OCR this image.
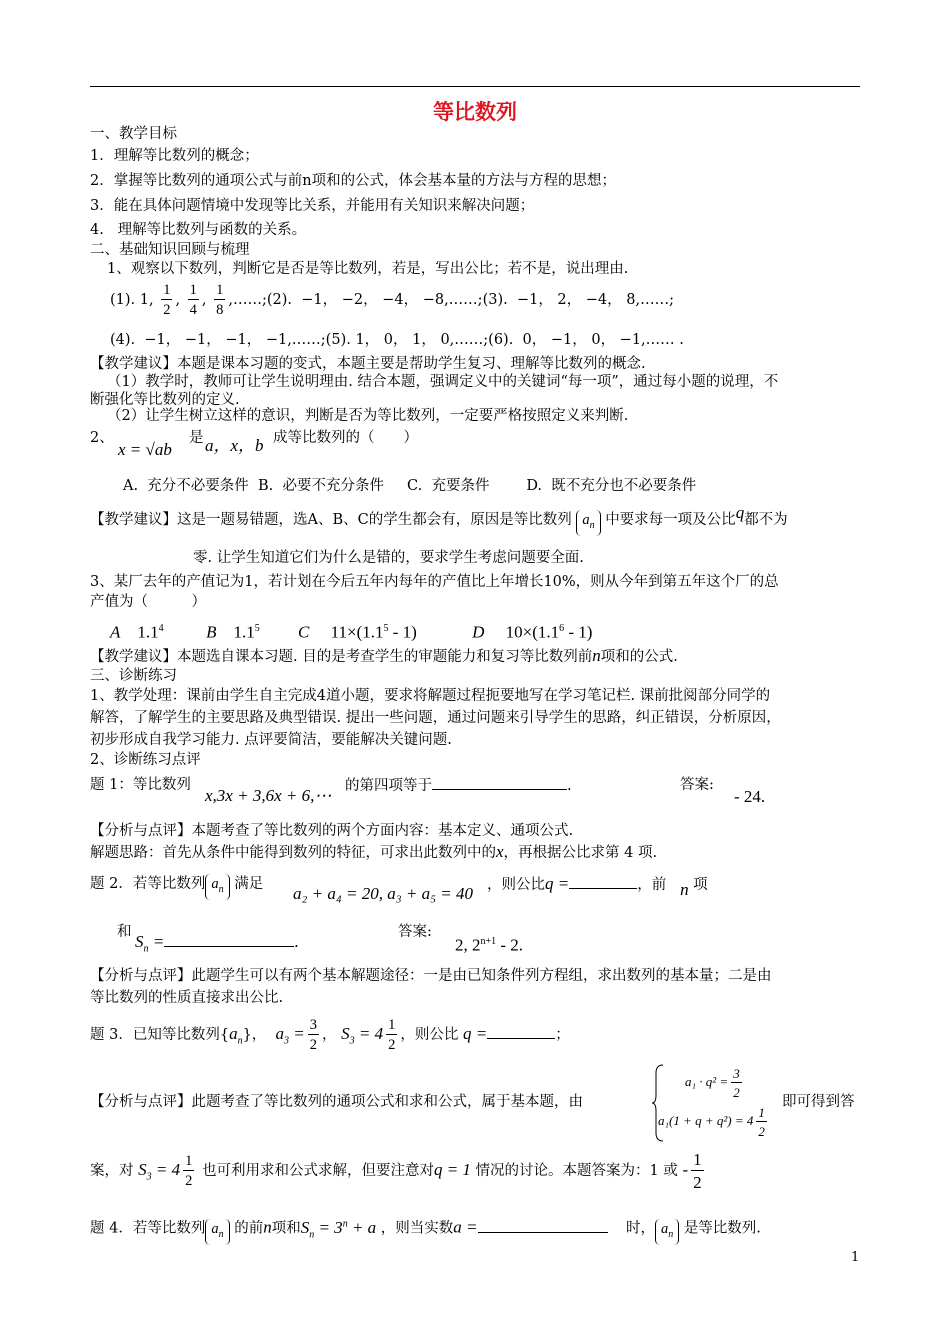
等比数列
一、教学目标
1．理解等比数列的概念；
2．掌握等比数列的通项公式与前n项和的公式，体会基本量的方法与方程的思想；
3．能在具体问题情境中发现等比关系，并能用有关知识来解决问题；
4.   理解等比数列与函数的关系。
二、基础知识回顾与梳理
1、观察以下数列，判断它是否是等比数列，若是，写出公比；若不是，说出理由.
(1). 1, $\frac{1}{2}$ , $\frac{1}{4}$ , $\frac{1}{8}$ ,……;(2).  −1， −2， −4， −8,……;(3).  −1， 2， −4， 8,……;
(4).  −1， −1， −1， −1,……;(5). 1， 0， 1， 0,……;(6).  0， −1， 0， −1,…… .
【教学建议】本题是课本习题的变式，本题主要是帮助学生复习、理解等比数列的概念.
（1）教学时，教师可让学生说明理由. 结合本题，强调定义中的关键词“每一项”，通过每小题的说理，不
断强化等比数列的定义.
（2）让学生树立这样的意识，判断是否为等比数列，一定要严格按照定义来判断.
2、
x = √ab
是 a，x，b 成等比数列的（　　）
A.  充分不必要条件  B.  必要不充分条件     C.  充要条件        D.  既不充分也不必要条件
【教学建议】这是一题易错题，选A、B、C的学生都会有，原因是等比数列 $a_n$ 中要求每一项及公比q都不为
零. 让学生知道它们为什么是错的，要求学生考虑问题要全面.
3、某厂去年的产值记为1，若计划在今后五年内每年的产值比上年增长10%，则从今年到第五年这个厂的总
产值为（　　　）
A $1.1^4$	B $1.1^5$ C $11\times(1.1^5 - 1)$	D $10\times(1.1^6 - 1)$
【教学建议】本题选自课本习题. 目的是考查学生的审题能力和复习等比数列前n项和的公式.
三、诊断练习
1、教学处理：课前由学生自主完成4道小题，要求将解题过程扼要地写在学习笔记栏. 课前批阅部分同学的
解答，了解学生的主要思路及典型错误. 提出一些问题，通过问题来引导学生的思路，纠正错误，分析原因，
初步形成自我学习能力. 点评要简洁，要能解决关键问题.
2、诊断练习点评
题 1：等比数列
x,3x + 3,6x + 6,⋯ 的第四项等于	.	答案:
- 24.
【分析与点评】本题考查了等比数列的两个方面内容：基本定义、通项公式.
解题思路：首先从条件中能得到数列的特征，可求出此数列中的x，再根据公比求第 4 项.
题 2．若等比数列 $a_n$ 满足 a₂ + a₄ = 20, a₃ + a₅ = 40 ，则公比q =	，前 n 项
和 $S_n$ =	.	答案:
2, $2^{n+1} - 2$.
【分析与点评】此题学生可以有两个基本解题途径：一是由已知条件列方程组，求出数列的基本量；二是由
等比数列的性质直接求出公比.
题 3．已知等比数列$\{a_n\}$， $a_3 = \frac{3}{2}$ ， $S_3 = 4 \frac{1}{2}$ ，则公比 q =	；
【分析与点评】此题考查了等比数列的通项公式和求和公式，属于基本题，由
$a_1 \cdot q^2 = \frac{3}{2}$
$a_1(1 + q + q^2) = 4 \frac{1}{2}$
即可得到答
案，对 $S_3 = 4 \frac{1}{2}$ 也可利用求和公式求解，但要注意对q = 1 情况的讨论。本题答案为：1 或 - $\frac{1}{2}$
题 4．若等比数列 $a_n$ 的前n项和$S_n = 3^n + a$ ，则当实数a =	时， $a_n$ 是等比数列.
1
